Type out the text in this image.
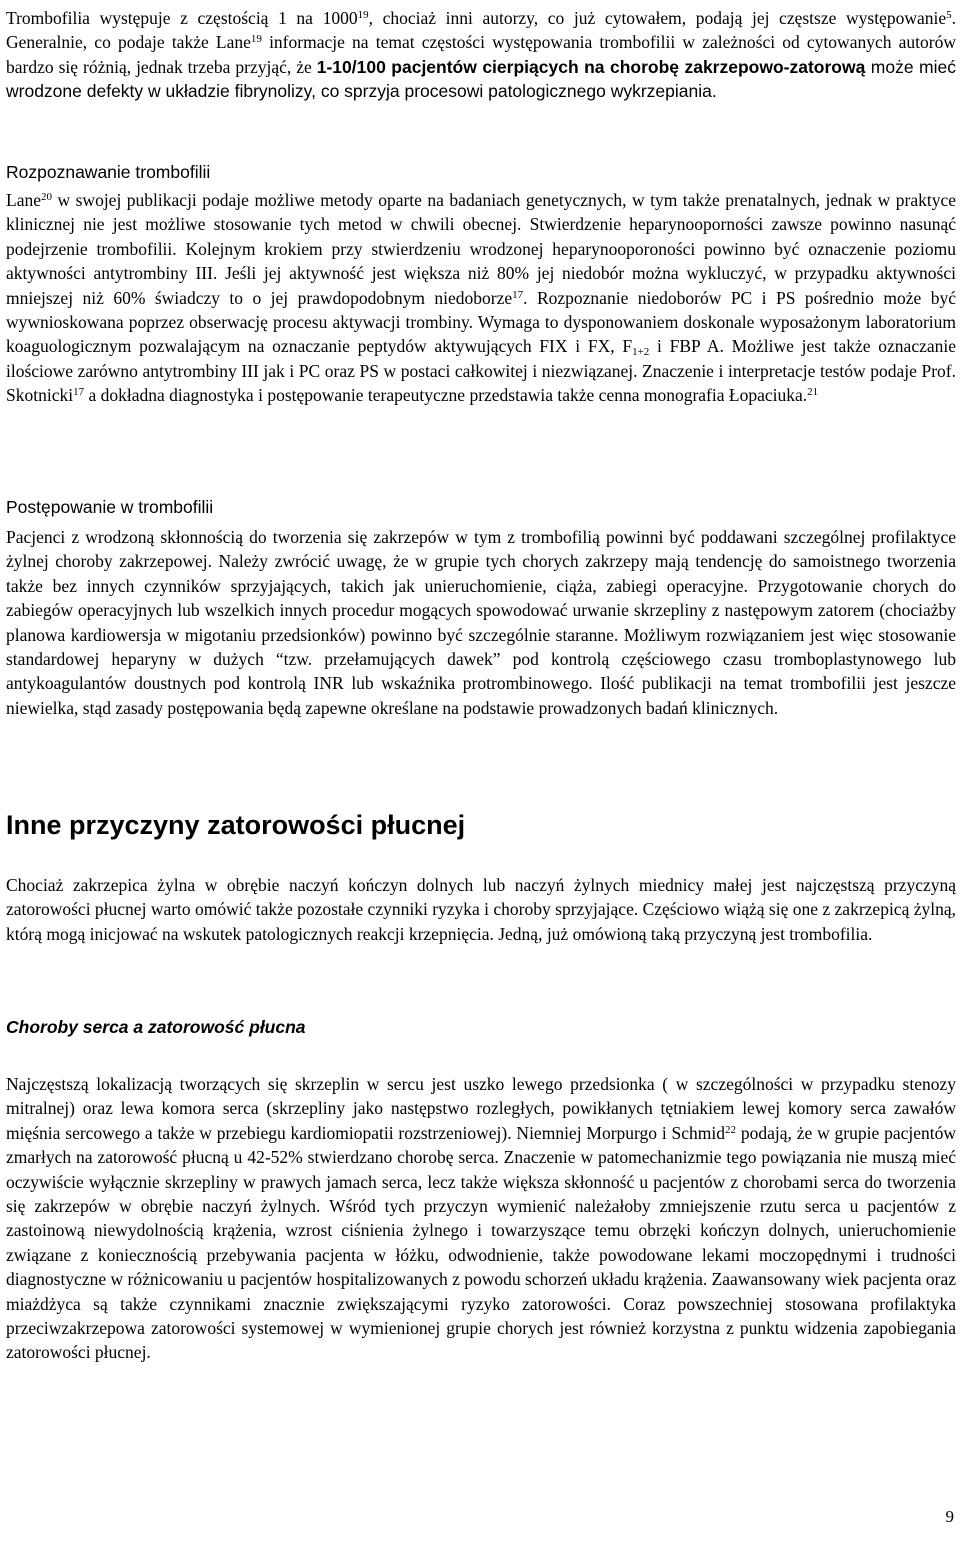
Trombofilia występuje z częstością 1 na 1000$^{19}$, chociaż inni autorzy, co już cytowałem, podają jej częstsze występowanie$^5$. Generalnie, co podaje także Lane$^{19}$ informacje na temat częstości występowania trombofilii w zależności od cytowanych autorów bardzo się różnią, jednak trzeba przyjąć, że 1-10/100 pacjentów cierpiących na chorobę zakrzepowo-zatorową może mieć wrodzone defekty w układzie fibrynolizy, co sprzyja procesowi patologicznego wykrzepiania.

Rozpoznawanie trombofilii

Lane$^{20}$ w swojej publikacji podaje możliwe metody oparte na badaniach genetycznych, w tym także prenatalnych, jednak w praktyce klinicznej nie jest możliwe stosowanie tych metod w chwili obecnej. Stwierdzenie heparynooporności zawsze powinno nasunąć podejrzenie trombofilii. Kolejnym krokiem przy stwierdzeniu wrodzonej heparynooporoności powinno być oznaczenie poziomu aktywności antytrombiny III. Jeśli jej aktywność jest większa niż 80% jej niedobór można wykluczyć, w przypadku aktywności mniejszej niż 60% świadczy to o jej prawdopodobnym niedoborze$^{17}$. Rozpoznanie niedoborów PC i PS pośrednio może być wywnioskowana poprzez obserwację procesu aktywacji trombiny. Wymaga to dysponowaniem doskonale wyposażonym laboratorium koaguologicznym pozwalającym na oznaczanie peptydów aktywujących FIX i FX, $F_{1+2}$ i FBP A. Możliwe jest także oznaczanie ilościowe zarówno antytrombiny III jak i PC oraz PS w postaci całkowitej i niezwiązanej. Znaczenie i interpretacje testów podaje Prof. Skotnicki$^{17}$ a dokładna diagnostyka i postępowanie terapeutyczne przedstawia także cenna monografia Łopaciuka.$^{21}$

Postępowanie w trombofilii

Pacjenci z wrodzoną skłonnością do tworzenia się zakrzepów w tym z trombofilią powinni być poddawani szczególnej profilaktyce żylnej choroby zakrzepowej. Należy zwrócić uwagę, że w grupie tych chorych zakrzepy mają tendencję do samoistnego tworzenia także bez innych czynników sprzyjających, takich jak unieruchomienie, ciąża, zabiegi operacyjne. Przygotowanie chorych do zabiegów operacyjnych lub wszelkich innych procedur mogących spowodować urwanie skrzepliny z następowym zatorem (chociażby planowa kardiowersja w migotaniu przedsionków) powinno być szczególnie staranne. Możliwym rozwiązaniem jest więc stosowanie standardowej heparyny w dużych “tzw. przełamujących dawek” pod kontrolą częściowego czasu tromboplastynowego lub antykoagulantów doustnych pod kontrolą INR lub wskaźnika protrombinowego. Ilość publikacji na temat trombofilii jest jeszcze niewielka, stąd zasady postępowania będą zapewne określane na podstawie prowadzonych badań klinicznych.

Inne przyczyny zatorowości płucnej

Chociaż zakrzepica żylna w obrębie naczyń kończyn dolnych lub naczyń żylnych miednicy małej jest najczęstszą przyczyną zatorowości płucnej warto omówić także pozostałe czynniki ryzyka i choroby sprzyjające. Częściowo wiążą się one z zakrzepicą żylną, którą mogą inicjować na wskutek patologicznych reakcji krzepnięcia. Jedną, już omówioną taką przyczyną jest trombofilia.

Choroby serca a zatorowość płucna

Najczęstszą lokalizacją tworzących się skrzeplin w sercu jest uszko lewego przedsionka ( w szczególności w przypadku stenozy mitralnej) oraz lewa komora serca (skrzepliny jako następstwo rozległych, powikłanych tętniakiem lewej komory serca zawałów mięśnia sercowego a także w przebiegu kardiomiopatii rozstrzeniowej). Niemniej Morpurgo i Schmid$^{22}$ podają, że w grupie pacjentów zmarłych na zatorowość płucną u 42-52% stwierdzano chorobę serca. Znaczenie w patomechanizmie tego powiązania nie muszą mieć oczywiście wyłącznie skrzepliny w prawych jamach serca, lecz także większa skłonność u pacjentów z chorobami serca do tworzenia się zakrzepów w obrębie naczyń żylnych. Wśród tych przyczyn wymienić należałoby zmniejszenie rzutu serca u pacjentów z zastoinową niewydolnością krążenia, wzrost ciśnienia żylnego i towarzyszące temu obrzęki kończyn dolnych, unieruchomienie związane z koniecznością przebywania pacjenta w łóżku, odwodnienie, także powodowane lekami moczopędnymi i trudności diagnostyczne w różnicowaniu u pacjentów hospitalizowanych z powodu schorzeń układu krążenia. Zaawansowany wiek pacjenta oraz miażdżyca są także czynnikami znacznie zwiększającymi ryzyko zatorowości. Coraz powszechniej stosowana profilaktyka przeciwzakrzepowa zatorowości systemowej w wymienionej grupie chorych jest również korzystna z punktu widzenia zapobiegania zatorowości płucnej.

9
